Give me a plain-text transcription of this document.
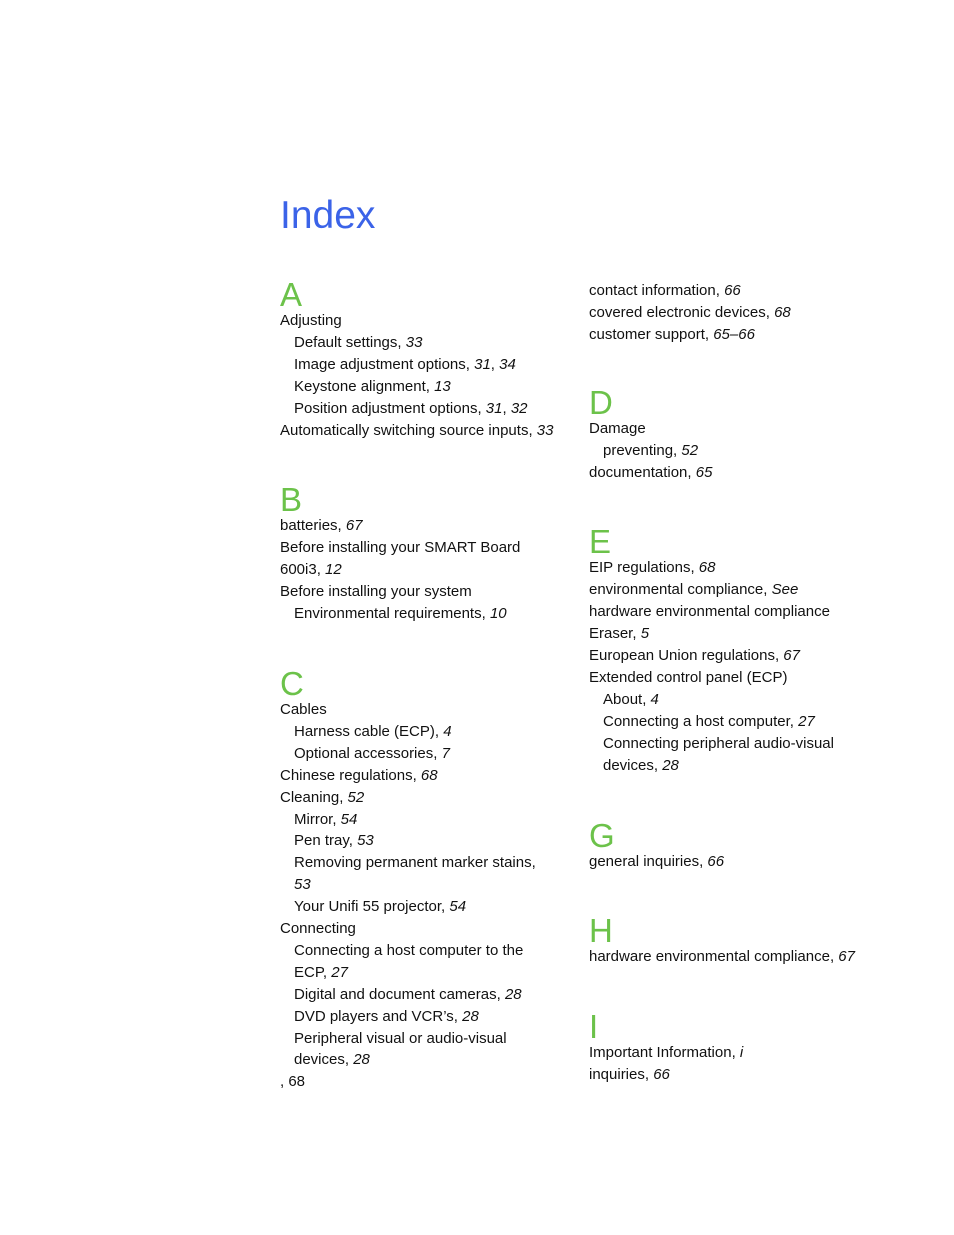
Index
A
Adjusting
Default settings, 33
Image adjustment options, 31, 34
Keystone alignment, 13
Position adjustment options, 31, 32
Automatically switching source inputs, 33
B
batteries, 67
Before installing your SMART Board
600i3, 12
Before installing your system
Environmental requirements, 10
C
Cables
Harness cable (ECP), 4
Optional accessories, 7
Chinese regulations, 68
Cleaning, 52
Mirror, 54
Pen tray, 53
Removing permanent marker stains,
53
Your Unifi 55 projector, 54
Connecting
Connecting a host computer to the
ECP, 27
Digital and document cameras, 28
DVD players and VCR’s, 28
Peripheral visual or audio-visual
devices, 28
, 68
contact information, 66
covered electronic devices, 68
customer support, 65–66
D
Damage
preventing, 52
documentation, 65
E
EIP regulations, 68
environmental compliance, See
hardware environmental compliance
Eraser, 5
European Union regulations, 67
Extended control panel (ECP)
About, 4
Connecting a host computer, 27
Connecting peripheral audio-visual
devices, 28
G
general inquiries, 66
H
hardware environmental compliance, 67
I
Important Information, i
inquiries, 66
